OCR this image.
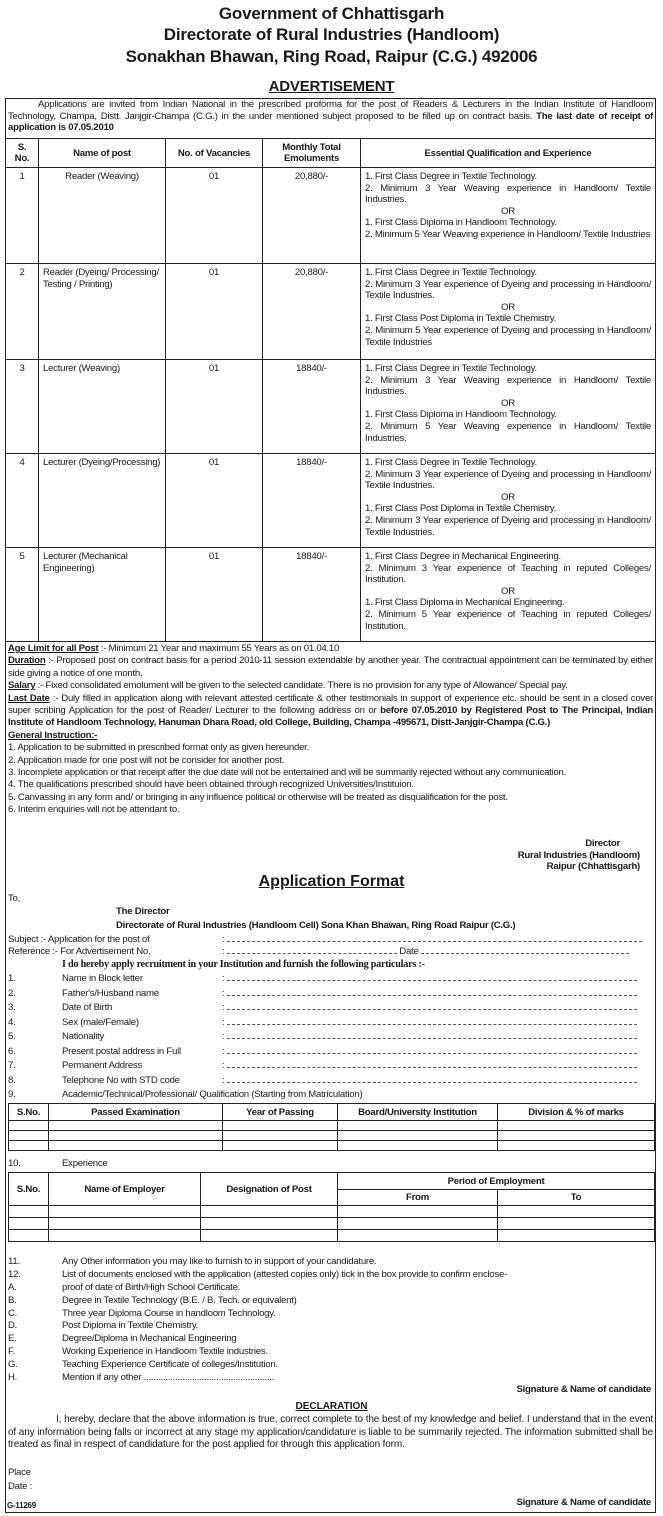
Government of Chhattisgarh
Directorate of Rural Industries (Handloom)
Sonakhan Bhawan, Ring Road, Raipur (C.G.) 492006
ADVERTISEMENT
Applications are invited from Indian National in the prescribed proforma for the post of Readers & Lecturers in the Indian Institute of Handloom Technology, Champa, Distt. Janjgir-Champa (C.G.) in the under mentioned subject proposed to be filled up on contract basis. The last date of receipt of application is 07.05.2010
S. No.	Name of post	No. of Vacancies	Monthly Total Emoluments	Essential Qualification and Experience
1	Reader (Weaving)	01	20,880/-	1. First Class Degree in Textile Technology.
2. Minimum 3 Year Weaving experience in Handloom/ Textile Industries.
OR
1. First Class Diploma in Handloom Technology.
2. Minimum 5 Year Weaving experience in Handloom/ Textile Industries

2	Reader (Dyeing/ Processing/ Testing / Printing)	01	20,880/-	1. First Class Degree in Textile Technology.
2. Minimum 3 Year experience of Dyeing and processing in Handloom/ Textile Industries.
OR
1. First Class Post Diploma in Textile Chemistry.
2. Minimum 5 Year experience of Dyeing and processing in Handloom/ Textile Industries

3	Lecturer (Weaving)	01	18840/-	1. First Class Degree in Textile Technology.
2. Minimum 3 Year Weaving experience in Handloom/ Textile Industries.
OR
1. First Class Diploma in Handloom Technology.
2. Minimum 5 Year Weaving experience in Handloom/ Textile Industries.

4	Lecturer (Dyeing/Processing)	01	18840/-	1. First Class Degree in Textile Technology.
2. Minimum 3 Year experience of Dyeing and processing in Handloom/ Textile Industries.
OR
1. First Class Post Diploma in Textile Chemistry.
2. Minimum 3 Year experience of Dyeing and processing in Handloom/ Textile Industries.

5	Lecturer (Mechanical Engineering)	01	18840/-	1. First Class Degree in Mechanical Engineering.
2. Minimum 3 Year experience of Teaching in reputed Colleges/ Institution.
OR
1. First Class Diploma in Mechanical Engineering.
2. Minimum 5 Year experience of Teaching in reputed Colleges/ Institution.
Age Limit for all Post :- Minimum 21 Year and maximum 55 Years as on 01.04.10
Duration :- Proposed post on contract basis for a period 2010-11 session extendable by another year. The contractual appointment can be terminated by either side giving a notice of one month.
Salary :- Fixed consolidated emolument will be given to the selected candidate. There is no provision for any type of Allowance/ Special pay.
Last Date :- Duly filled in application along with relevant attested certificate & other testimonials in support of experience etc. should be sent in a closed cover super scribing Application for the post of Reader/ Lecturer to the following address on or before 07.05.2010 by Registered Post to The Principal, Indian Institute of Handloom Technology, Hanuman Dhara Road, old College, Building, Champa -495671, Distt-Janjgir-Champa (C.G.)
General Instruction:-
1. Application to be submitted in prescribed format only as given hereunder.
2. Application made for one post will not be consider for another post.
3. Incomplete application or that receipt after the due date will not be entertained and will be summarily rejected without any communication.
4. The qualifications prescribed should have been obtained through recognized Universities/Instituion.
5. Canvassing in any form and/ or bringing in any influence political or otherwise will be treated as disqualification for the post.
6. Interim enquiries will not be attendant to.
Director
Rural Industries (Handloom)
Raipur (Chhattisgarh)
Application Format
To,
The Director
Directorate of Rural Industries (Handloom Cell) Sona Khan Bhawan, Ring Road Raipur (C.G.)
Subject :- Application for the post of	:
Reference :- For Advertisement No.	:	Date
I do hereby apply recruitment in your Institution and furnish the following particulars :-
1.	Name in Block letter	:
2.	Father's/Husband name	:
3.	Date of Birth	:
4.	Sex (male/Female)	:
5.	Nationality	:
6.	Present postal address in Full	:
7.	Permanent Address	:
8.	Telephone No with STD code	:
9.	Academic/Technical/Professional/ Qualification (Starting from Matriculation)
S.No.	Passed Examination	Year of Passing	Board/University Institution	Division & % of marks

10.	Experience
S.No.	Name of Employer	Designation of Post	Period of Employment	
			From	To

11.	Any Other information you may like to furnish to in support of your candidature.
12.	List of documents enclosed with the application (attested copies only) tick in the box provide to confirm enclose-
A.	proof of date of Birth/High School Certificate.
B.	Degree in Textile Technology (B.E. / B. Tech. or equivalent)
C.	Three year Diploma Course in handloom Technology.
D.	Post Diploma in Textile Chemistry.
E.	Degree/Diploma in Mechanical Engineering
F.	Working Experience in Handloom Textile industries.
G.	Teaching Experience Certificate of colleges/Institution.
H.	Mention if any other ......................................................
Signature & Name of candidate
DECLARATION
I, hereby, declare that the above information is true, correct complete to the best of my knowledge and belief. I understand that in the event of any information being falls or incorrect at any stage my application/candidature is liable to be summarily rejected. The information submitted shall be treated as final in respect of candidature for the post applied for through this application form.
Place
Date :
G-11269	Signature & Name of candidate
